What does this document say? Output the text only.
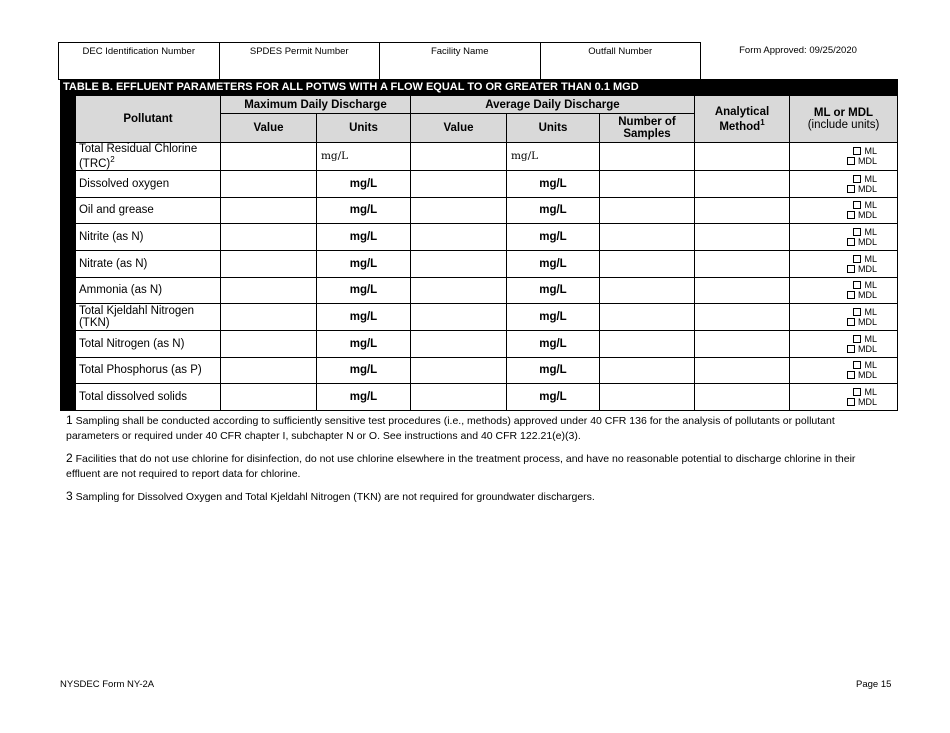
DEC Identification Number	SPDES Permit Number	Facility Name	Outfall Number	Form Approved: 09/25/2020
TABLE B. EFFLUENT PARAMETERS FOR ALL POTWS WITH A FLOW EQUAL TO OR GREATER THAN 0.1 MGD
Pollutant	Maximum Daily Discharge		Average Daily Discharge			Analytical Method$^1$	ML or MDL
(include units)

	Value	Units	Value	Units	Number of Samples		
Total Residual Chlorine (TRC)$^2$		mg/L		mg/L			ML
MDL

Dissolved oxygen		mg/L		mg/L			ML
MDL

Oil and grease		mg/L		mg/L			ML
MDL

Nitrite (as N)		mg/L		mg/L			ML
MDL

Nitrate (as N)		mg/L		mg/L			ML
MDL

Ammonia (as N)		mg/L		mg/L			ML
MDL

Total Kjeldahl Nitrogen (TKN)		mg/L		mg/L			ML
MDL

Total Nitrogen (as N)		mg/L		mg/L			ML
MDL

Total Phosphorus (as P)		mg/L		mg/L			ML
MDL

Total dissolved solids		mg/L		mg/L			ML
MDL
1 Sampling shall be conducted according to sufficiently sensitive test procedures (i.e., methods) approved under 40 CFR 136 for the analysis of pollutants or pollutant parameters or required under 40 CFR chapter I, subchapter N or O. See instructions and 40 CFR 122.21(e)(3).
2 Facilities that do not use chlorine for disinfection, do not use chlorine elsewhere in the treatment process, and have no reasonable potential to discharge chlorine in their effluent are not required to report data for chlorine.
3 Sampling for Dissolved Oxygen and Total Kjeldahl Nitrogen (TKN) are not required for groundwater dischargers.
NYSDEC Form NY-2A	Page 15
